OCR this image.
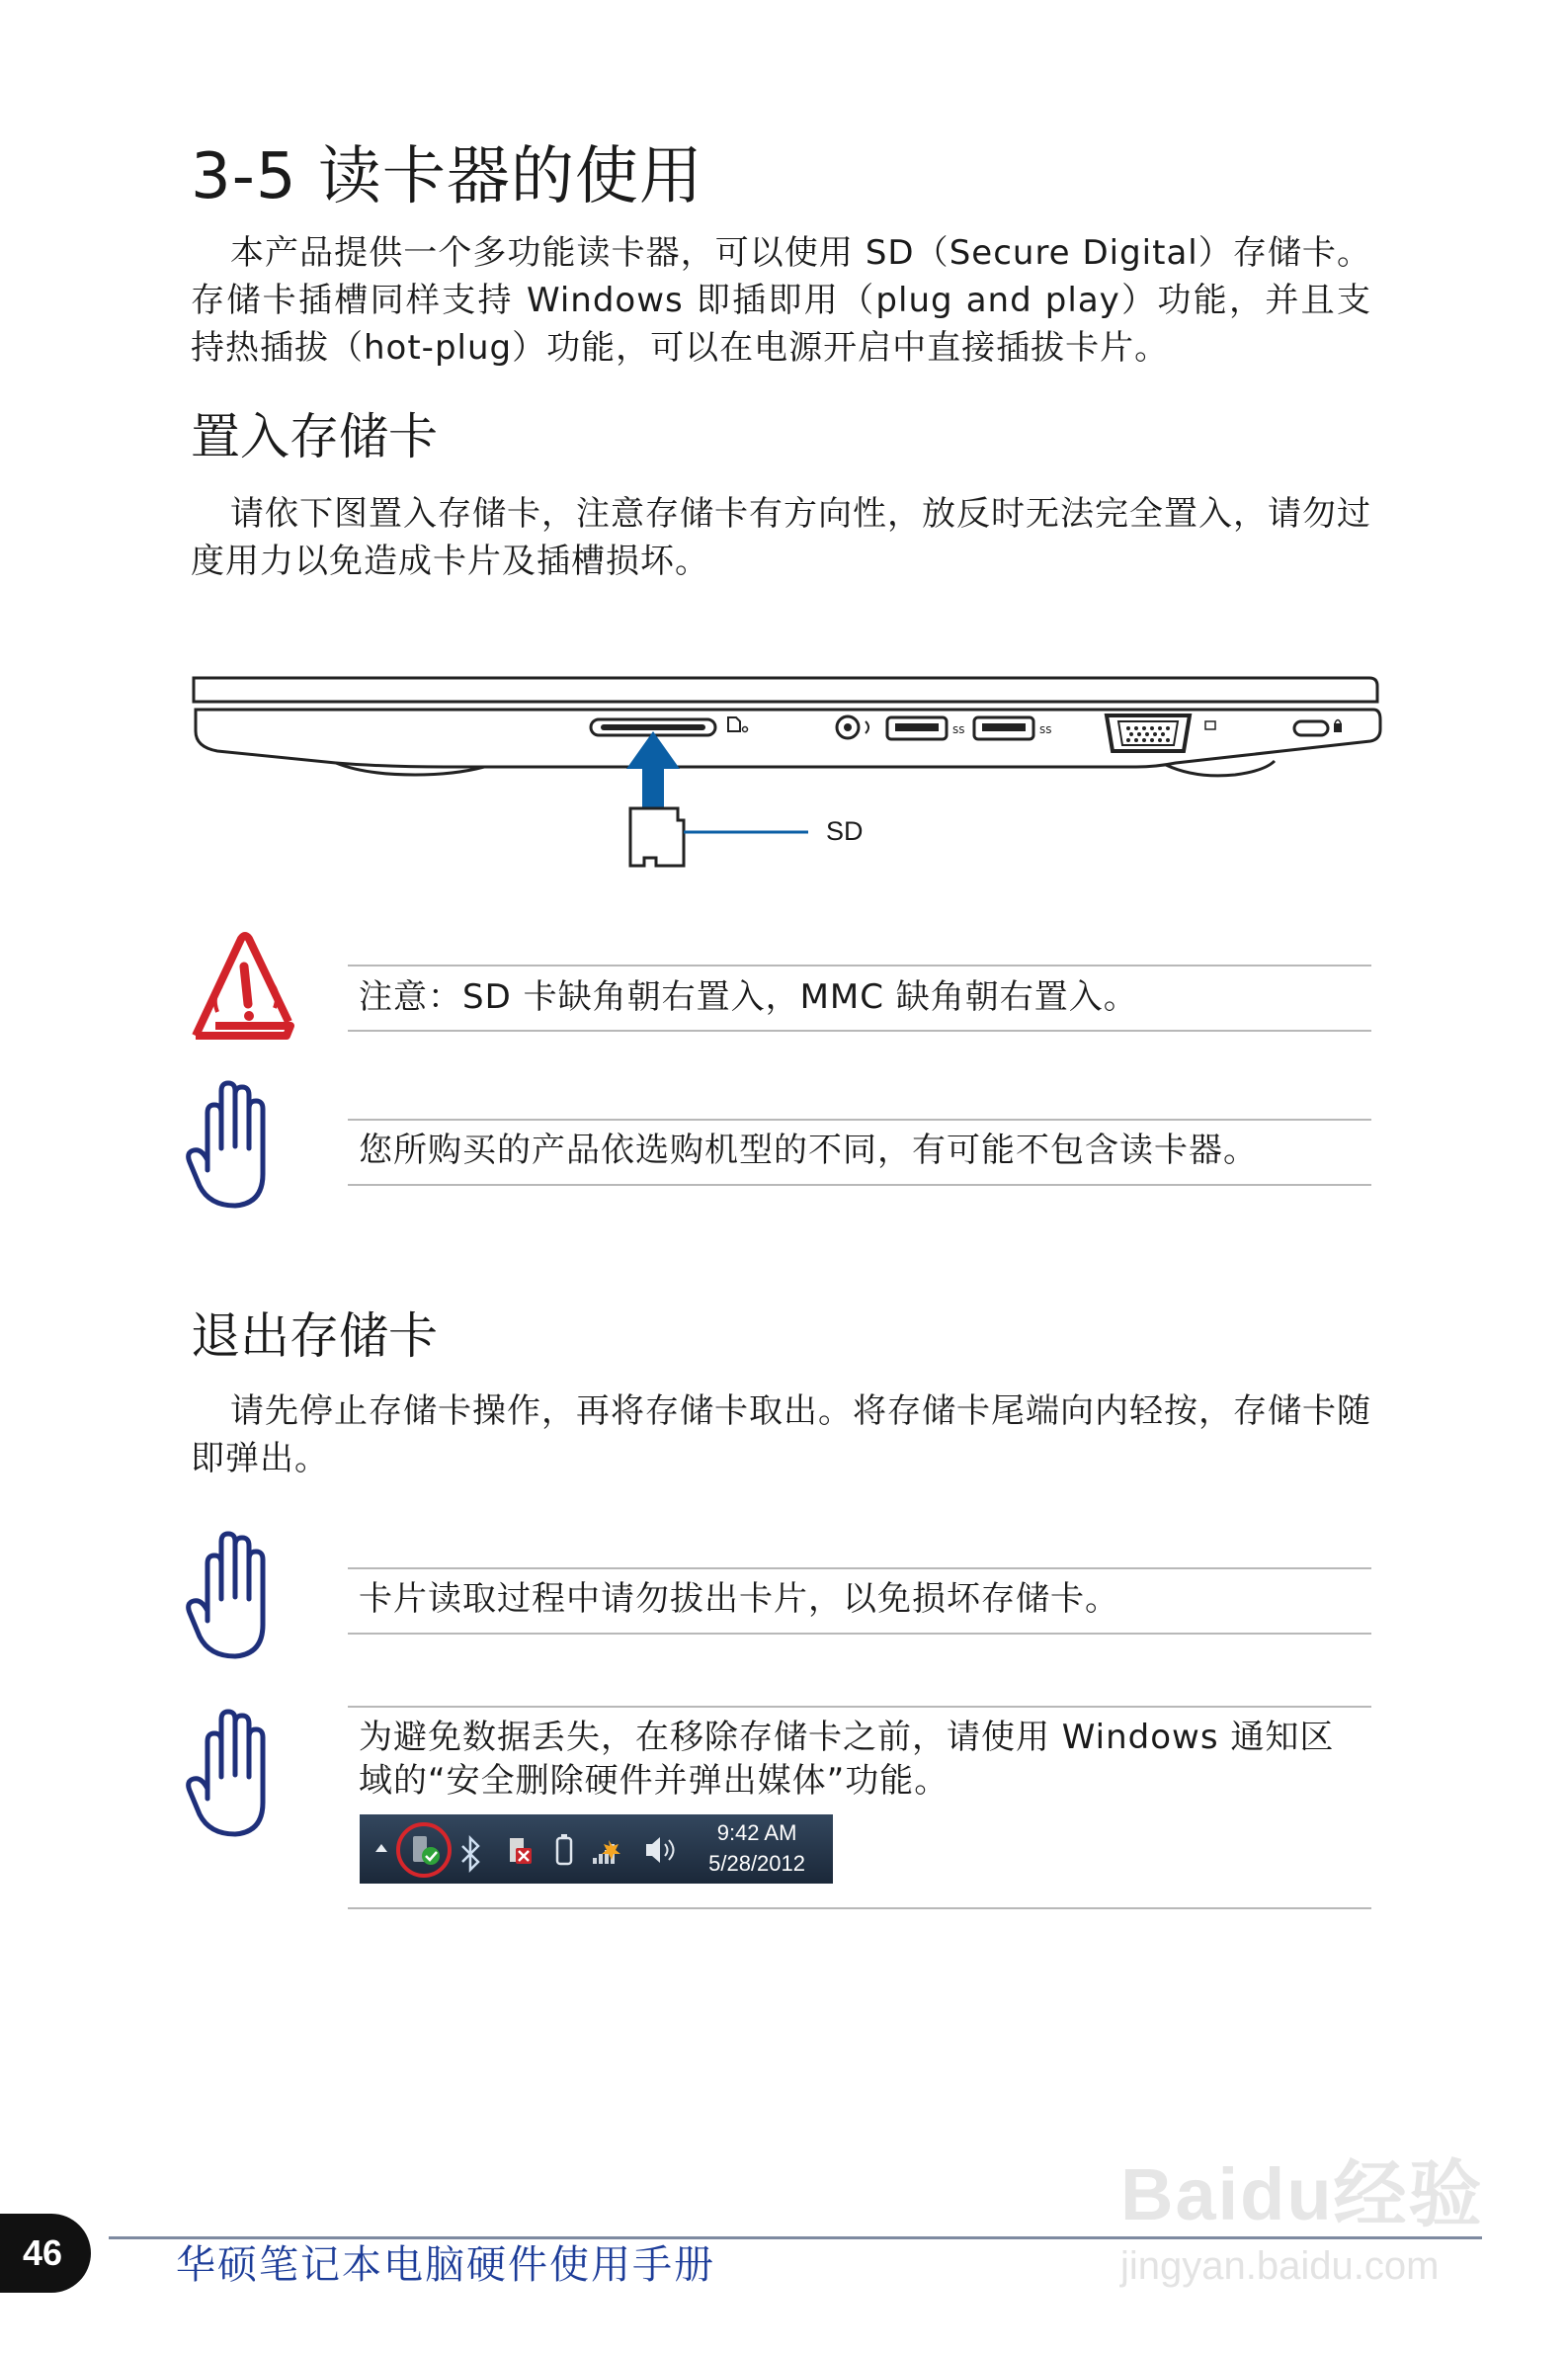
3-5 读卡器的使用

本产品提供一个多功能读卡器，可以使用 SD（Secure Digital）存储卡。存储卡插槽同样支持 Windows 即插即用（plug and play）功能，并且支持热插拔（hot-plug）功能，可以在电源开启中直接插拔卡片。

置入存储卡

请依下图置入存储卡，注意存储卡有方向性，放反时无法完全置入，请勿过度用力以免造成卡片及插槽损坏。

ss	ss
SD
注意：SD 卡缺角朝右置入，MMC 缺角朝右置入。
您所购买的产品依选购机型的不同，有可能不包含读卡器。
退出存储卡

请先停止存储卡操作，再将存储卡取出。将存储卡尾端向内轻按，存储卡随即弹出。

卡片读取过程中请勿拔出卡片，以免损坏存储卡。
为避免数据丢失，在移除存储卡之前，请使用 Windows 通知区域的“安全删除硬件并弹出媒体”功能。
9:42 AM
5/28/2012
Baidu经验
jingyan.baidu.com
46	华硕笔记本电脑硬件使用手册
